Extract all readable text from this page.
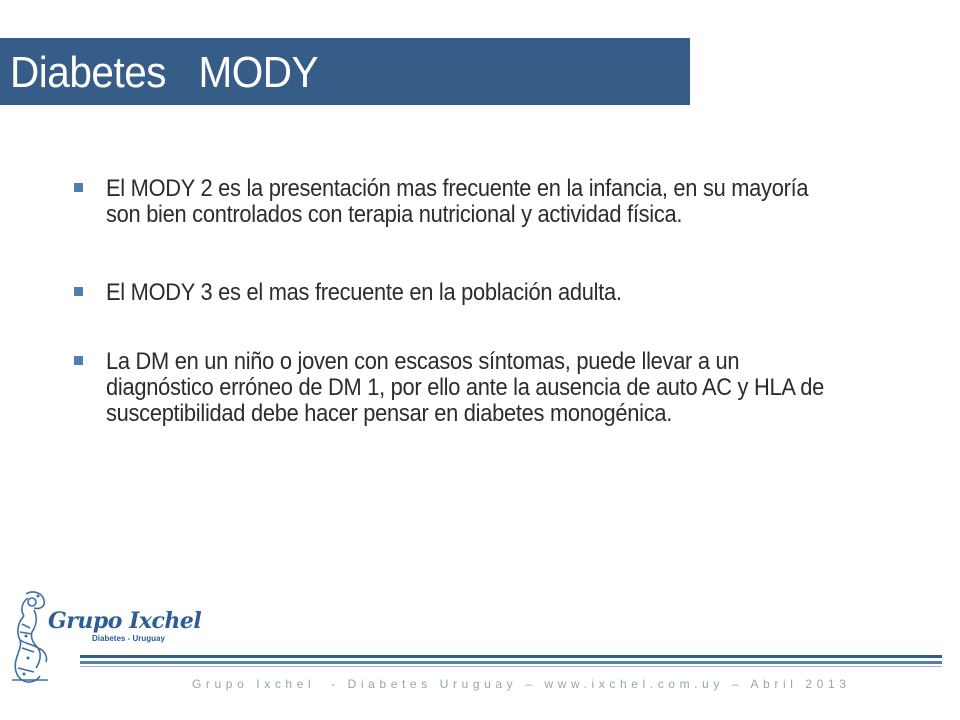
Diabetes   MODY
El MODY 2 es la presentación mas frecuente en la infancia, en su mayoría son bien controlados con terapia nutricional y actividad física.
El MODY 3 es el mas frecuente en la población adulta.
La DM en un niño o joven con escasos síntomas, puede llevar a un diagnóstico erróneo de DM 1, por ello ante la ausencia de auto AC y HLA de susceptibilidad debe hacer pensar en diabetes monogénica.
Grupo Ixchel
Diabetes - Uruguay
Grupo Ixchel  - Diabetes Uruguay – www.ixchel.com.uy – Abril 2013
